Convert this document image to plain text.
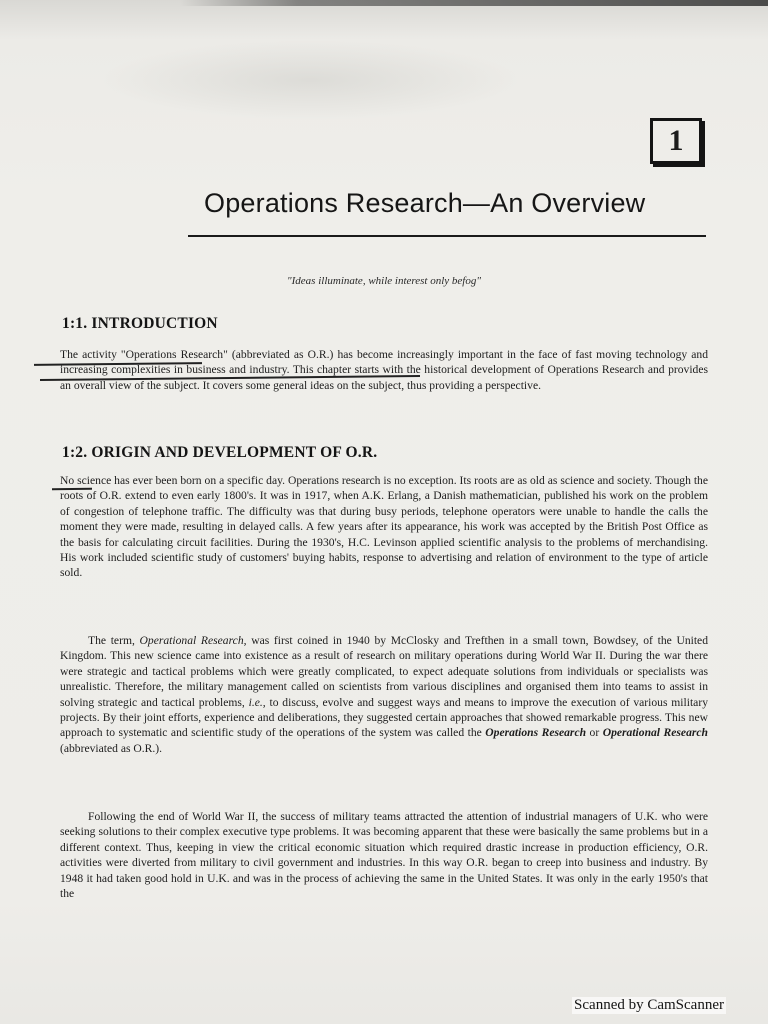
1
Operations Research—An Overview
"Ideas illuminate, while interest only befog"
1:1. INTRODUCTION

The activity "Operations Research" (abbreviated as O.R.) has become increasingly important in the face of fast moving technology and increasing complexities in business and industry. This chapter starts with the historical development of Operations Research and provides an overall view of the subject. It covers some general ideas on the subject, thus providing a perspective.

1:2. ORIGIN AND DEVELOPMENT OF O.R.

No science has ever been born on a specific day. Operations research is no exception. Its roots are as old as science and society. Though the roots of O.R. extend to even early 1800's. It was in 1917, when A.K. Erlang, a Danish mathematician, published his work on the problem of congestion of telephone traffic. The difficulty was that during busy periods, telephone operators were unable to handle the calls the moment they were made, resulting in delayed calls. A few years after its appearance, his work was accepted by the British Post Office as the basis for calculating circuit facilities. During the 1930's, H.C. Levinson applied scientific analysis to the problems of merchandising. His work included scientific study of customers' buying habits, response to advertising and relation of environment to the type of article sold.

The term, Operational Research, was first coined in 1940 by McClosky and Trefthen in a small town, Bowdsey, of the United Kingdom. This new science came into existence as a result of research on military operations during World War II. During the war there were strategic and tactical problems which were greatly complicated, to expect adequate solutions from individuals or specialists was unrealistic. Therefore, the military management called on scientists from various disciplines and organised them into teams to assist in solving strategic and tactical problems, i.e., to discuss, evolve and suggest ways and means to improve the execution of various military projects. By their joint efforts, experience and deliberations, they suggested certain approaches that showed remarkable progress. This new approach to systematic and scientific study of the operations of the system was called the Operations Research or Operational Research (abbreviated as O.R.).

Following the end of World War II, the success of military teams attracted the attention of industrial managers of U.K. who were seeking solutions to their complex executive type problems. It was becoming apparent that these were basically the same problems but in a different context. Thus, keeping in view the critical economic situation which required drastic increase in production efficiency, O.R. activities were diverted from military to civil government and industries. In this way O.R. began to creep into business and industry. By 1948 it had taken good hold in U.K. and was in the process of achieving the same in the United States. It was only in the early 1950's that the

Scanned by CamScanner
